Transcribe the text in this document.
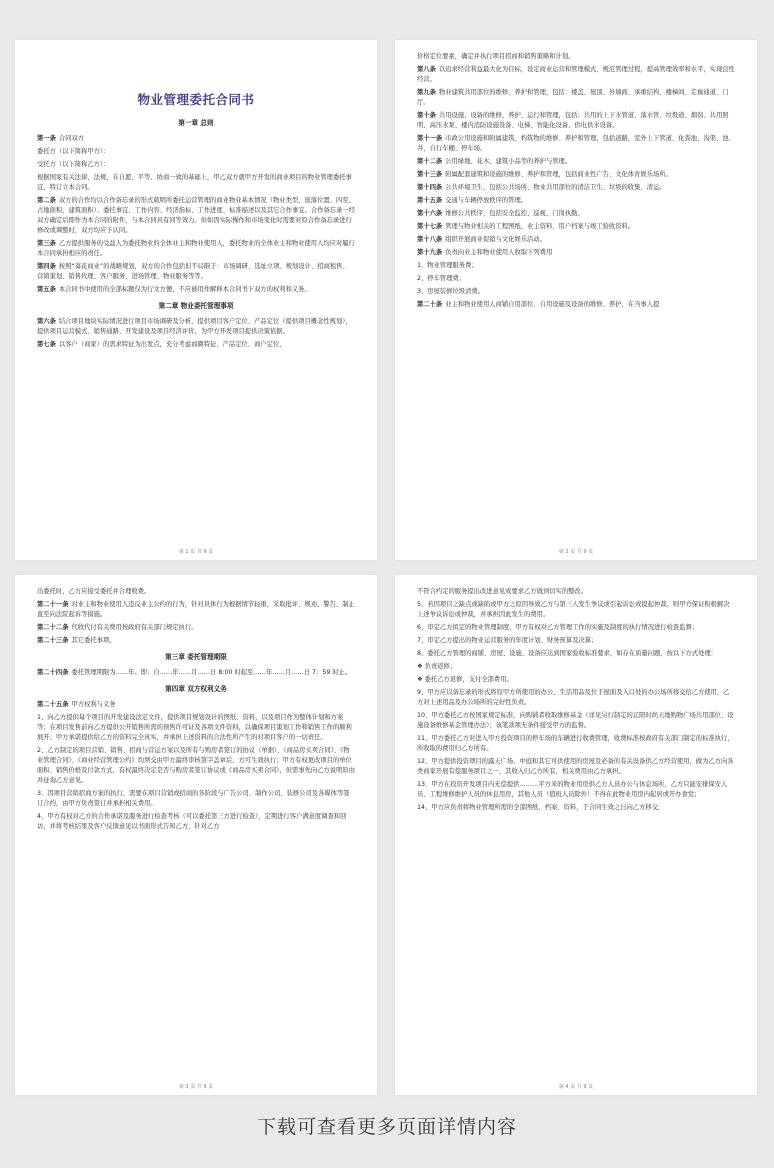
物业管理委托合同书
第一章 总则
第一条 合同双方
委托方（以下简称甲方）：
受托方（以下简称乙方）：
根据国家有关法律、法规，在自愿、平等、协商一致的基础上，甲乙双方就甲方开发的商业项目的物业管理委托事宜，特订立本合同。
第二条 双方的合作均以合作备忘录的形式载明所委托运营管理的商业物业基本情况（物业类型、座落位置、四至、占地面积、建筑面积）、委托事宜、工作内容、经济指标、工作进度、标准描述以及其它合作事宜。合作备忘录一经双方确定后即作为本合同的附件，与本合同具有同等效力。但如因实际操作和市场变化时需要对原合作备忘录进行修改或调整时，双方均应予认同。
第三条 乙方提供服务的受益人为委托物业的全体业主和物业使用人，委托物业的全体业主和物业使用人均应对履行本合同承担相应的责任。
第四条 按照“葵花商业”的战略规划，双方的合作包括但不局限于：市场调研、选址立项、规划设计、招商租售、营销策划、销售代理、客户服务、进场管理、物业服务等等。
第五条 本合同书中使用的全部标题仅为行文方便，不应被用作解释本合同书下双方的权利和义务。
第二章 物业委托管理事项
第六条 结合项目地块实际情况进行项目市场调研及分析，提供项目客户定位、产品定位（提供项目概念性规划），提供项目运营模式、销售通路、开发建设及项目经济评价。为甲方开发项目提供决策依据。
第七条 以客户（商家）的需求特征为出发点，充分考虑商圈特征、产品定位、商户定位、
第 1 页 共 9 页
价格定位要素，确定并执行项目招商和销售策略和计划。
第八条 以追求经营利益最大化为目标，设定商业运营和管理模式，规范管理过程，提高管理效率和水平，实现良性经营。
第九条 物业建筑共用部位的维修、养护和管理，包括：楼盖、屋顶、外墙面、承重结构、楼梯间、走廊通道、门厅。
第十条 共用设施、设备的维修、养护、运行和管理，包括：共用的上下水管道、落水管、垃圾道、烟囱、共用照明、高压水泵、楼内消防设施设备、电梯、智能化设备、供电供水设备。
第十一条 市政公用设施和附属建筑、构筑物的维修、养护和管理，包括道路，室外上下管道、化粪池、沟渠、池、井，自行车棚、停车场。
第十二条 公用绿地、花木、建筑小品等的养护与管理。
第十三条 附属配套建筑和设施的维修、养护和管理，包括商业性广告、文化体育娱乐场所。
第十四条 公共环境卫生，包括公共场所、物业共用部位的清洁卫生、垃圾的收集、清运。
第十五条 交通与车辆停放秩序的管理。
第十六条 维修公共秩序，包括安全监控、巡视、门岗执勤。
第十七条 管理与物业相关的工程图纸、业主资料、用户档案与竣工验收资料。
第十八条 组织开展商业促销与文化娱乐活动。
第十九条 负责向业主和物业使用人收取下列费用
1、物业管理服务费；
2、停车管理费；
3、房屋装修垃圾清费。
第二十条 业主和物业使用人商铺自用部位、自用设施及设备的维修、养护，在当事人提
第 2 页 共 9 页
出委托时，乙方应接受委托并合理收费。
第二十一条 对业主和物业使用人违反业主公约的行为，针对具体行为根据情节轻重，采取批评、规劝、警告、制止直至向法院起诉等措施。
第二十二条 代收代付有关费用按政府有关部门规定执行。
第二十三条 其它委托事项。
第三章 委托管理期限
第二十四条 委托管理期限为……年。即：自……年……月……日 8:00 时起至……年……月……日 7：59 时止。
第四章 双方权利义务
第二十五条 甲方权利与义务
1、向乙方提供每个项目的开发建设法定文件，提供项目规划设计的图纸、资料，以及项目作为整体计划和方案等；在项目发售前向乙方提供公开销售所需的预售许可证及各项文件资料，以确保项目策划工作和销售工作的顺利展开；甲方承诺提供给乙方的资料完全真实，并承担上述资料的合法性所产生的对项目客户的一切责任。
2、乙方制定的项目营销、销售、招商与营运方案以及所有与购房者签订的协议（单据）、《商品房买卖合同》、《物业管理合同》、《商业经营管理公约》均须交由甲方最终审核签字盖章后，方可生效执行；甲方有权更改项目的单位面积、销售价格及付款方式，有权最终决定是否与购房者签订协议或《商品房买卖合同》，但需事先向乙方说明原由并征询乙方意见。
3、因项目营销招商方案的执行，需要在项目营销或招商的各阶段与广告公司、制作公司、装修公司及各媒体等签订合约，由甲方负责签订并承担相关费用。
4、甲方有权对乙方的合作承诺及服务进行检查考核（可以委托第三方进行检查），定期进行客户满意度调查和回访，并将考核结果及客户反馈意见以书面形式告知乙方，针对乙方
第 3 页 共 9 页
不符合约定的服务提出改进意见或要求乙方做到切实的整改。
5、若因项目之缺点或缺陷或甲方之原因导致乙方与第三人发生争议或引起诉讼或提起仲裁，则甲方保证积极解决上述争议诉讼或仲裁，并承担因此发生的费用。
6、审定乙方拟定的物业管理制度，甲方有权对乙方管理工作的实施及制度的执行情况进行检查监督；
7、审定乙方提出的物业运营服务的年度计划、财务预算及决算；
8、委托乙方管理的商铺、房屋、设施、设备应达到国家验收标准要求，如存在质量问题，按以下方式处理：
❖ 负责返修；
❖ 委托乙方返修，支付全部费用。
9、甲方应以备忘录的形式将原甲方所使用的办公、生活用品及位于屋面及入口处的办公场所移交给乙方使用，乙方对上述用品及办公场所的完好性负责。
10、甲方委托乙方按国家规定标准，向购铺者收取维修基金（详见另行制定的辽阳时尚天地购物广场共用部位、设施设备维修基金管理办法）；该笔款项无条件接受甲方的监督。
11、甲方委托乙方对进入甲方投资项目的停车场的车辆进行收费管理，收费标准按政府有关部门制定的标准执行，所收取的费用归乙方所有。
12、甲方提供投资项目的露天广场、中庭和其它可供使用的房屋及必备的有关设备供乙方经营使用，做为乙方向各类商家开展有偿服务项目之一，其收入归乙方所有，相关费用由乙方承担。
13、甲方在投资开发项目内无偿提供………平方米的物业用房供乙方人员办公与休息场所，乙方只能安排保安人员、工程维修维护人员的休息用房，其他人员（值班人员除外）不得在此物业用房内起居或开办食堂；
14、甲方应负责将物业管理所需的全部图纸、档案、资料，于合同生效之日向乙方移交，
第 4 页 共 9 页
下载可查看更多页面详情内容
